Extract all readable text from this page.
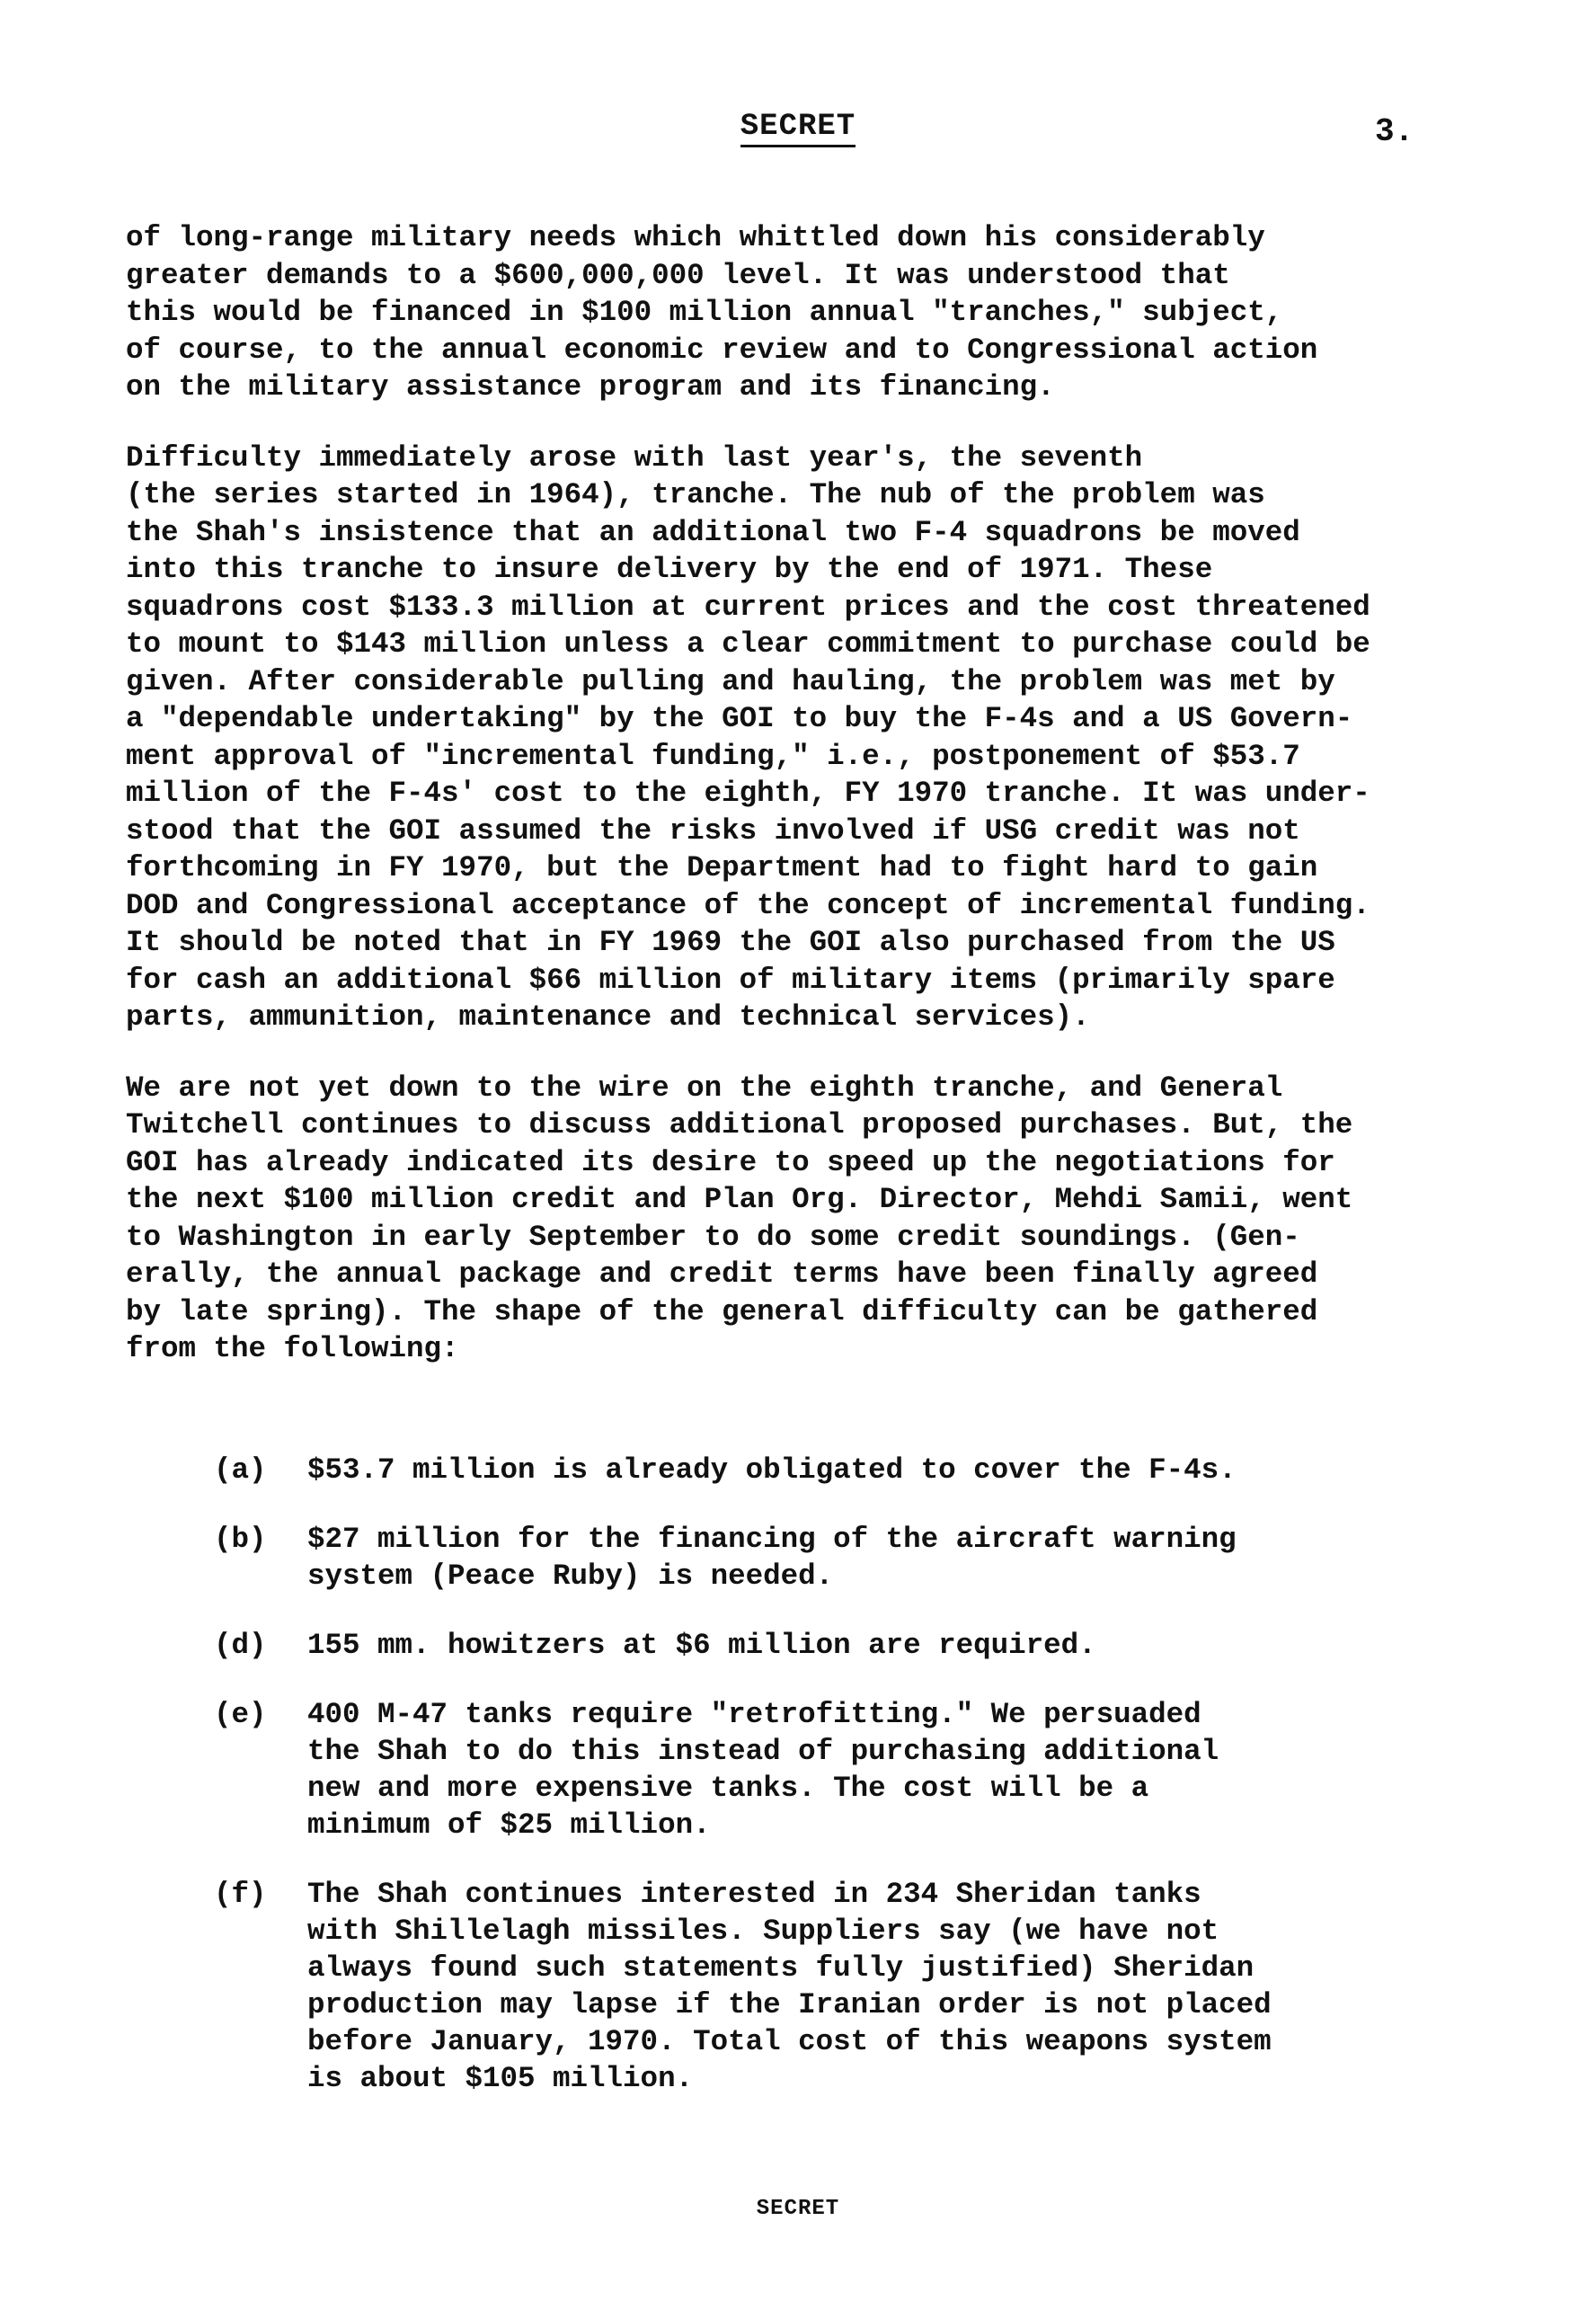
SECRET	3.

of long-range military needs which whittled down his considerably
greater demands to a $600,000,000 level. It was understood that
this would be financed in $100 million annual "tranches," subject,
of course, to the annual economic review and to Congressional action
on the military assistance program and its financing.

Difficulty immediately arose with last year's, the seventh
(the series started in 1964), tranche. The nub of the problem was
the Shah's insistence that an additional two F-4 squadrons be moved
into this tranche to insure delivery by the end of 1971. These
squadrons cost $133.3 million at current prices and the cost threatened
to mount to $143 million unless a clear commitment to purchase could be
given. After considerable pulling and hauling, the problem was met by
a "dependable undertaking" by the GOI to buy the F-4s and a US Govern-
ment approval of "incremental funding," i.e., postponement of $53.7
million of the F-4s' cost to the eighth, FY 1970 tranche. It was under-
stood that the GOI assumed the risks involved if USG credit was not
forthcoming in FY 1970, but the Department had to fight hard to gain
DOD and Congressional acceptance of the concept of incremental funding.
It should be noted that in FY 1969 the GOI also purchased from the US
for cash an additional $66 million of military items (primarily spare
parts, ammunition, maintenance and technical services).

We are not yet down to the wire on the eighth tranche, and General
Twitchell continues to discuss additional proposed purchases. But, the
GOI has already indicated its desire to speed up the negotiations for
the next $100 million credit and Plan Org. Director, Mehdi Samii, went
to Washington in early September to do some credit soundings. (Gen-
erally, the annual package and credit terms have been finally agreed
by late spring). The shape of the general difficulty can be gathered
from the following:

(a)	$53.7 million is already obligated to cover the F-4s.
(b)	$27 million for the financing of the aircraft warning
system (Peace Ruby) is needed.
(d)	155 mm. howitzers at $6 million are required.
(e)	400 M-47 tanks require "retrofitting." We persuaded
the Shah to do this instead of purchasing additional
new and more expensive tanks. The cost will be a
minimum of $25 million.
(f)	The Shah continues interested in 234 Sheridan tanks
with Shillelagh missiles. Suppliers say (we have not
always found such statements fully justified) Sheridan
production may lapse if the Iranian order is not placed
before January, 1970. Total cost of this weapons system
is about $105 million.
SECRET
